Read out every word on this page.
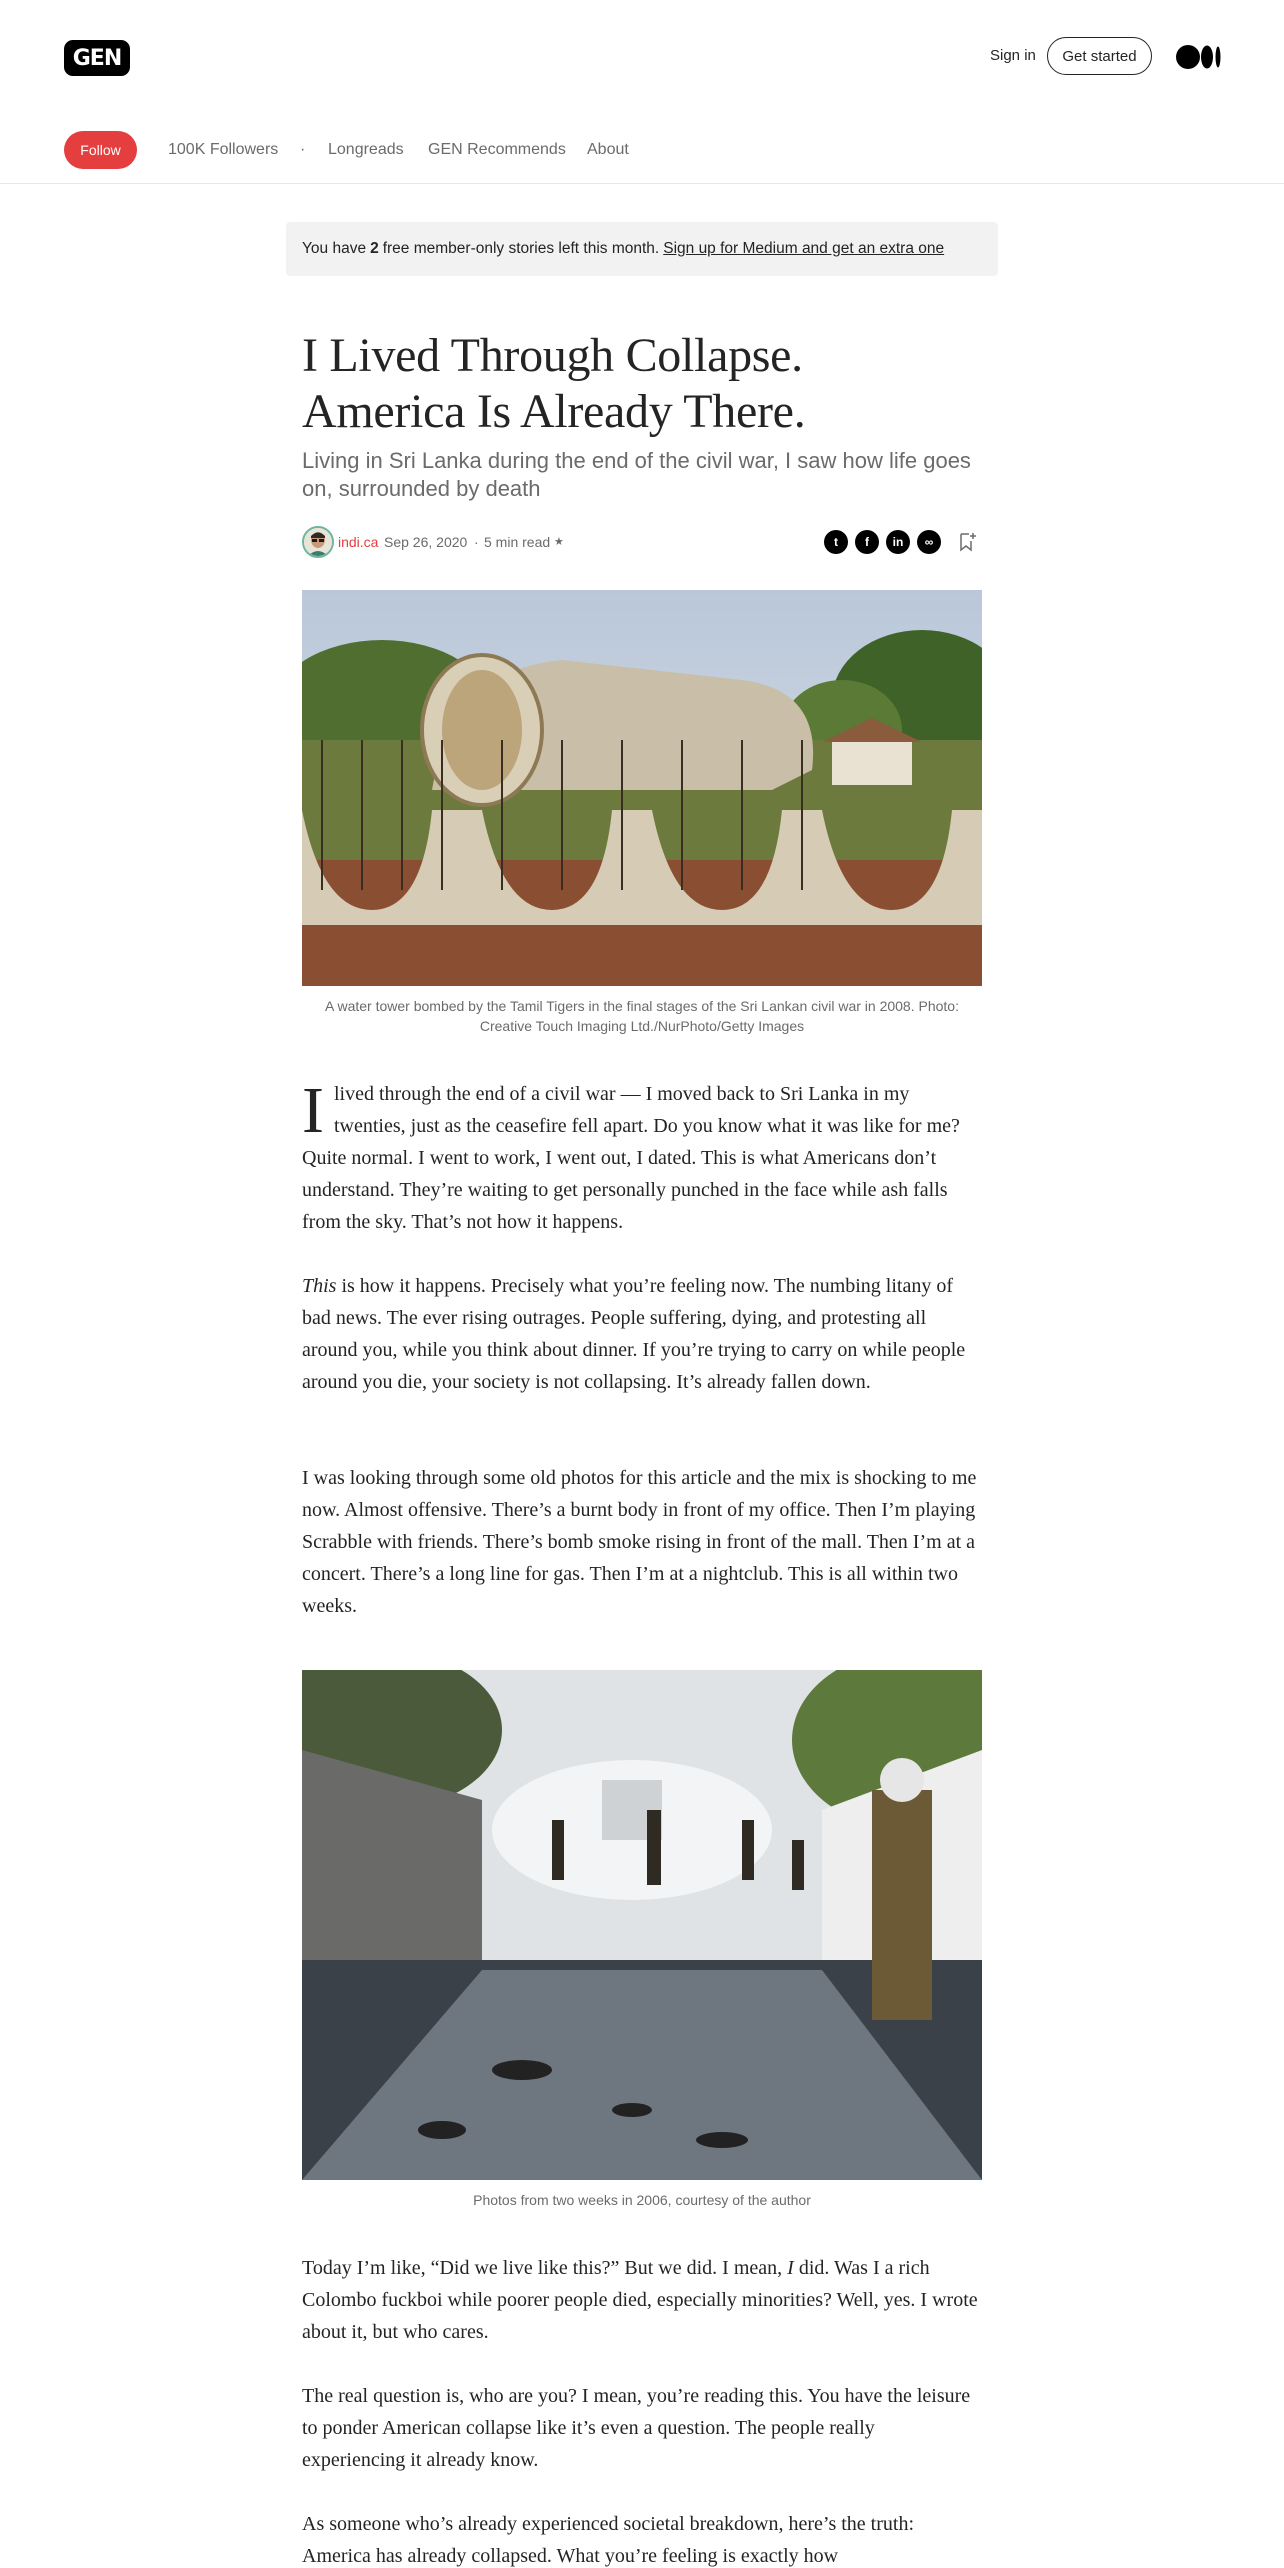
GEN	Sign in	Get started
Follow	100K Followers · Longreads GEN Recommends About
You have 2 free member-only stories left this month. Sign up for Medium and get an extra one
I Lived Through Collapse.
America Is Already There.

Living in Sri Lanka during the end of the civil war, I saw how life goes on, surrounded by death

indi.ca Sep 26, 2020 · 5 min read ★	t	f	in	∞

A water tower bombed by the Tamil Tigers in the final stages of the Sri Lankan civil war in 2008. Photo: Creative Touch Imaging Ltd./NurPhoto/Getty Images

I lived through the end of a civil war — I moved back to Sri Lanka in my twenties, just as the ceasefire fell apart. Do you know what it was like for me? Quite normal. I went to work, I went out, I dated. This is what Americans don’t understand. They’re waiting to get personally punched in the face while ash falls from the sky. That’s not how it happens.

This is how it happens. Precisely what you’re feeling now. The numbing litany of bad news. The ever rising outrages. People suffering, dying, and protesting all around you, while you think about dinner. If you’re trying to carry on while people around you die, your society is not collapsing. It’s already fallen down.

I was looking through some old photos for this article and the mix is shocking to me now. Almost offensive. There’s a burnt body in front of my office. Then I’m playing Scrabble with friends. There’s bomb smoke rising in front of the mall. Then I’m at a concert. There’s a long line for gas. Then I’m at a nightclub. This is all within two weeks.

Photos from two weeks in 2006, courtesy of the author

Today I’m like, “Did we live like this?” But we did. I mean, I did. Was I a rich Colombo fuckboi while poorer people died, especially minorities? Well, yes. I wrote about it, but who cares.

The real question is, who are you? I mean, you’re reading this. You have the leisure to ponder American collapse like it’s even a question. The people really experiencing it already know.

As someone who’s already experienced societal breakdown, here’s the truth: America has already collapsed. What you’re feeling is exactly how
